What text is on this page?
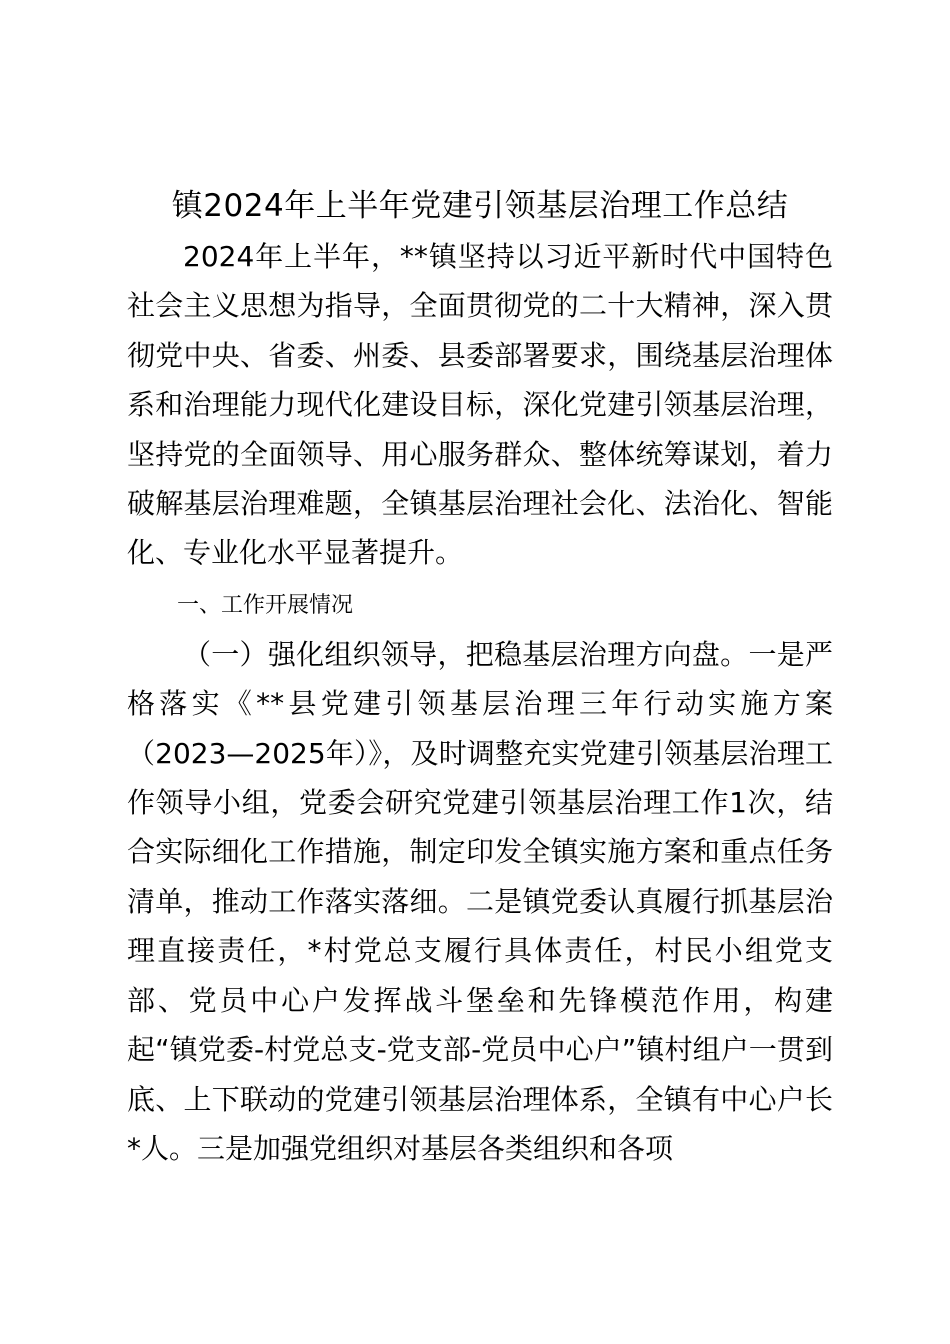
镇2024年上半年党建引领基层治理工作总结

2024年上半年，**镇坚持以习近平新时代中国特色社会主义思想为指导，全面贯彻党的二十大精神，深入贯彻党中央、省委、州委、县委部署要求，围绕基层治理体系和治理能力现代化建设目标，深化党建引领基层治理，坚持党的全面领导、用心服务群众、整体统筹谋划，着力破解基层治理难题，全镇基层治理社会化、法治化、智能化、专业化水平显著提升。

一、工作开展情况

（一）强化组织领导，把稳基层治理方向盘。一是严格落实《**县党建引领基层治理三年行动实施方案（2023—2025年）》，及时调整充实党建引领基层治理工作领导小组，党委会研究党建引领基层治理工作1次，结合实际细化工作措施，制定印发全镇实施方案和重点任务清单，推动工作落实落细。二是镇党委认真履行抓基层治理直接责任，*村党总支履行具体责任，村民小组党支部、党员中心户发挥战斗堡垒和先锋模范作用，构建起“镇党委-村党总支-党支部-党员中心户”镇村组户一贯到底、上下联动的党建引领基层治理体系，全镇有中心户长*人。三是加强党组织对基层各类组织和各项
